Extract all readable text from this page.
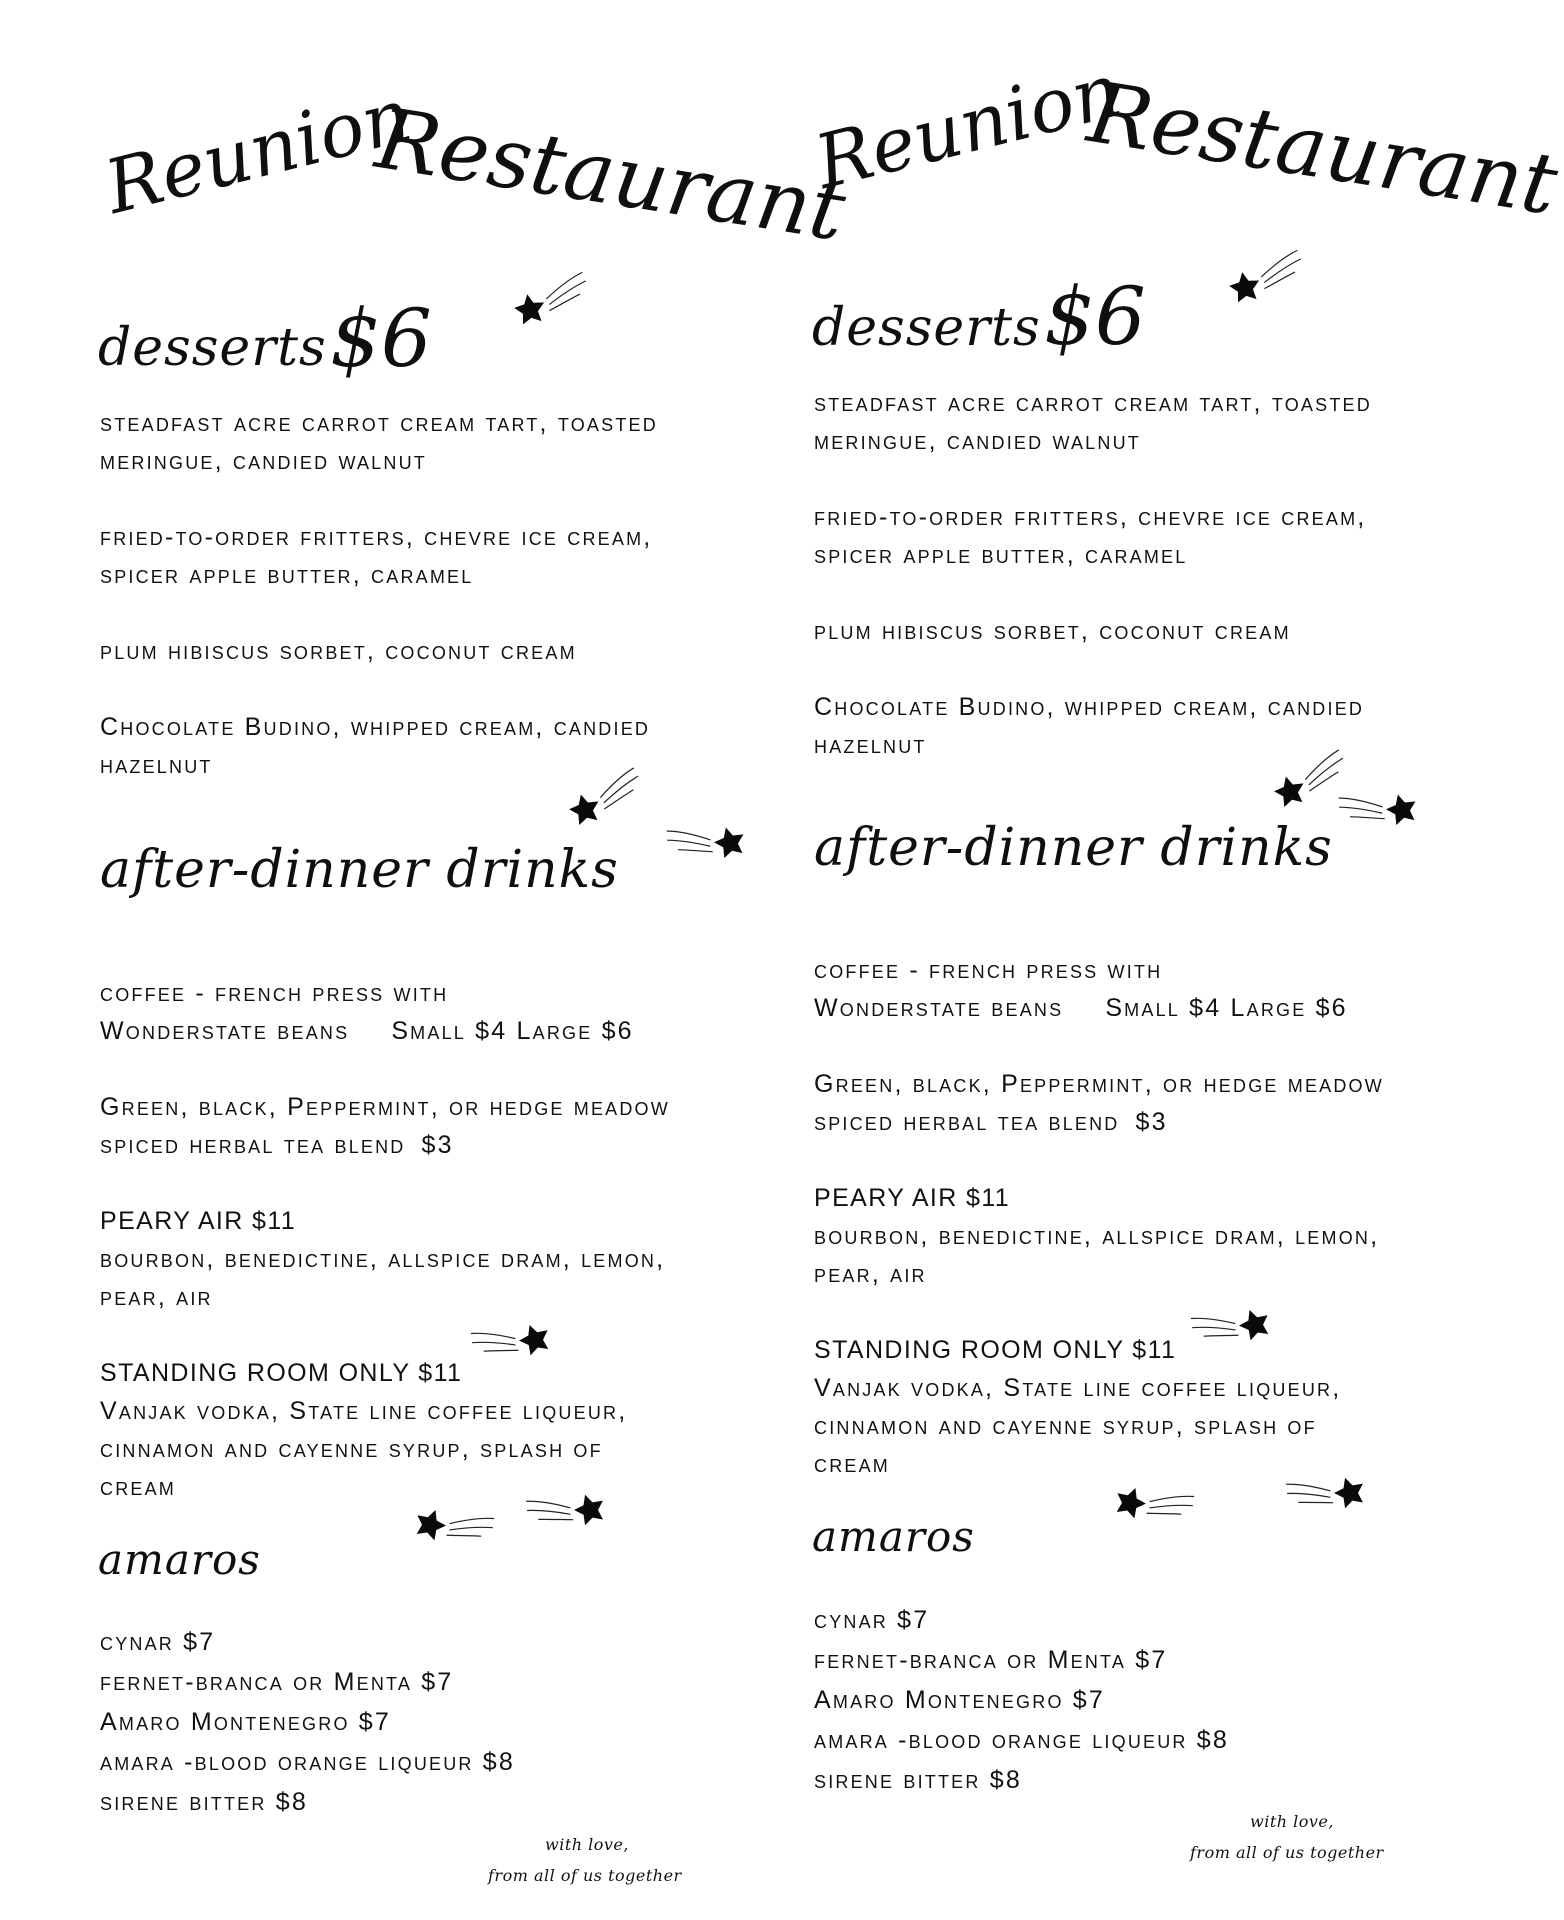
Reunion
Restaurant
desserts $6

steadfast acre carrot cream tart, toasted

meringue, candied walnut

fried-to-order fritters, chevre ice cream,

spicer apple butter, caramel

plum hibiscus sorbet, coconut cream

Chocolate Budino, whipped cream, candied

hazelnut

after-dinner drinks

coffee - french press with

Wonderstate beans Small $4 Large $6

Green, black, Peppermint, or hedge meadow

spiced herbal tea blend $3

PEARY AIR $11

bourbon, benedictine, allspice dram, lemon,

pear, air

STANDING ROOM ONLY $11

Vanjak vodka, State line coffee liqueur,

cinnamon and cayenne syrup, splash of

cream

amaros

cynar $7

fernet-branca or Menta $7

Amaro Montenegro $7

amara -blood orange liqueur $8

sirene bitter $8

with love,
from all of us together
Reunion
Restaurant
desserts $6

steadfast acre carrot cream tart, toasted

meringue, candied walnut

fried-to-order fritters, chevre ice cream,

spicer apple butter, caramel

plum hibiscus sorbet, coconut cream

Chocolate Budino, whipped cream, candied

hazelnut

after-dinner drinks

coffee - french press with

Wonderstate beans Small $4 Large $6

Green, black, Peppermint, or hedge meadow

spiced herbal tea blend $3

PEARY AIR $11

bourbon, benedictine, allspice dram, lemon,

pear, air

STANDING ROOM ONLY $11

Vanjak vodka, State line coffee liqueur,

cinnamon and cayenne syrup, splash of

cream

amaros

cynar $7

fernet-branca or Menta $7

Amaro Montenegro $7

amara -blood orange liqueur $8

sirene bitter $8

with love,
from all of us together
